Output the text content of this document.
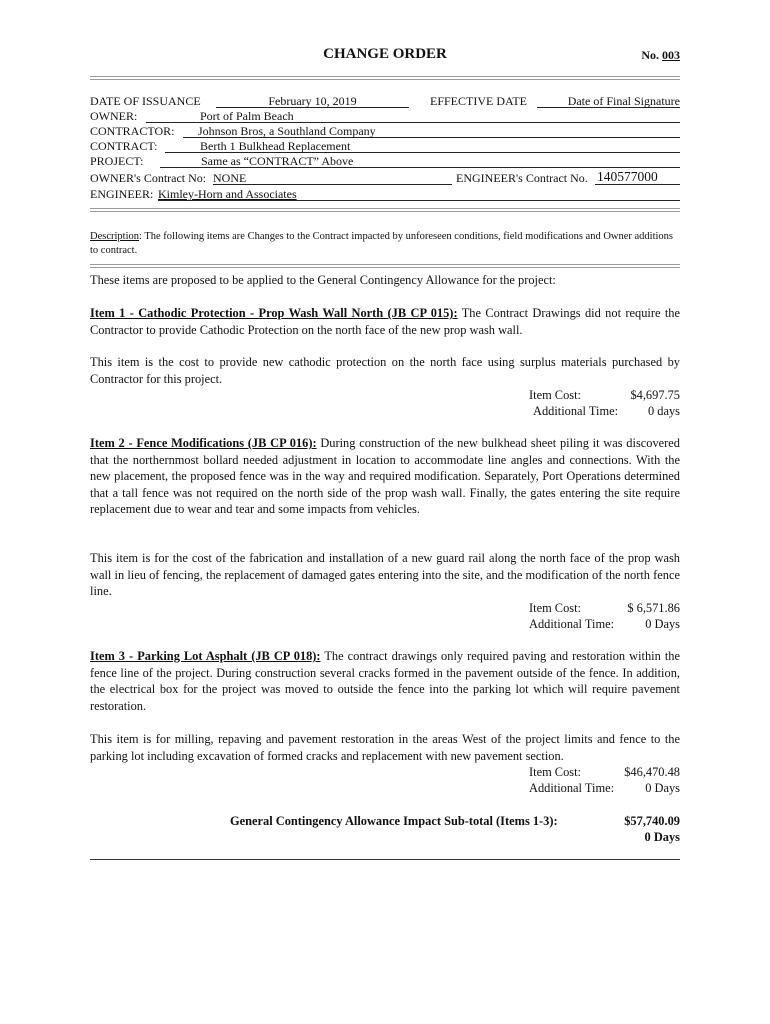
CHANGE ORDER	No. 003
DATE OF ISSUANCE	February 10, 2019	EFFECTIVE DATE	Date of Final Signature
OWNER:	Port of Palm Beach
CONTRACTOR:	Johnson Bros, a Southland Company
CONTRACT:	Berth 1 Bulkhead Replacement
PROJECT:	Same as “CONTRACT” Above
OWNER's Contract No: NONE	ENGINEER's Contract No. 140577000
ENGINEER: Kimley-Horn and Associates
Description: The following items are Changes to the Contract impacted by unforeseen conditions, field modifications and Owner additions to contract.
These items are proposed to be applied to the General Contingency Allowance for the project:
Item 1 - Cathodic Protection - Prop Wash Wall North (JB CP 015): The Contract Drawings did not require the Contractor to provide Cathodic Protection on the north face of the new prop wash wall.
This item is the cost to provide new cathodic protection on the north face using surplus materials purchased by Contractor for this project.
Item Cost:	$4,697.75
Additional Time: 0 days
Item 2 - Fence Modifications (JB CP 016): During construction of the new bulkhead sheet piling it was discovered that the northernmost bollard needed adjustment in location to accommodate line angles and connections. With the new placement, the proposed fence was in the way and required modification. Separately, Port Operations determined that a tall fence was not required on the north side of the prop wash wall. Finally, the gates entering the site require replacement due to wear and tear and some impacts from vehicles.
This item is for the cost of the fabrication and installation of a new guard rail along the north face of the prop wash wall in lieu of fencing, the replacement of damaged gates entering into the site, and the modification of the north fence line.
Item Cost:	$ 6,571.86
Additional Time:	0 Days
Item 3 - Parking Lot Asphalt (JB CP 018): The contract drawings only required paving and restoration within the fence line of the project. During construction several cracks formed in the pavement outside of the fence. In addition, the electrical box for the project was moved to outside the fence into the parking lot which will require pavement restoration.
This item is for milling, repaving and pavement restoration in the areas West of the project limits and fence to the parking lot including excavation of formed cracks and replacement with new pavement section.
Item Cost:	$46,470.48
Additional Time:	0 Days
General Contingency Allowance Impact Sub-total (Items 1-3):	$57,740.09
0 Days
